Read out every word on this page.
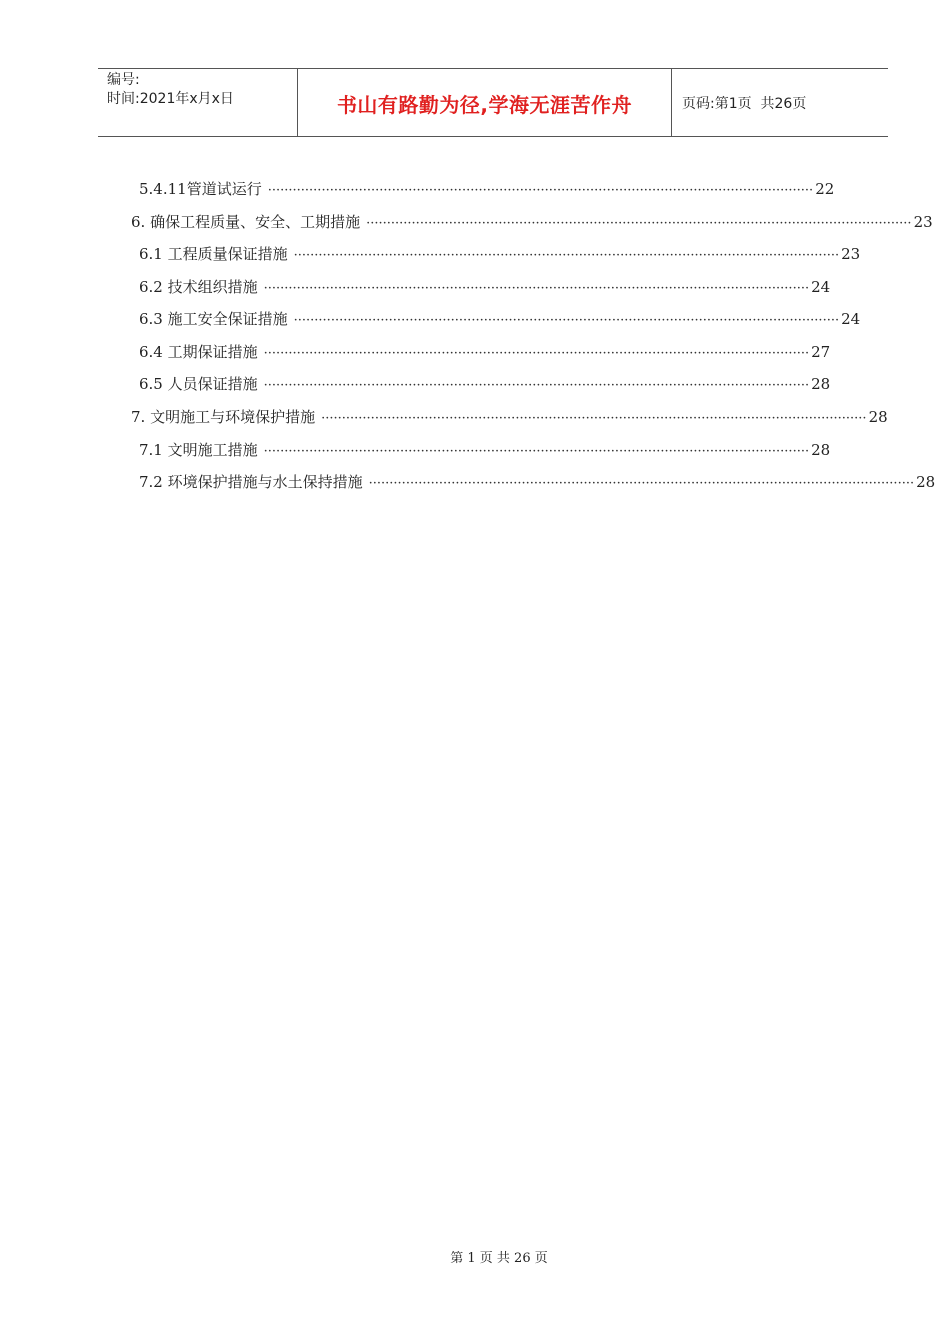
编号:
时间:2021年x月x日	书山有路勤为径,学海无涯苦作舟	页码:第1页  共26页
5.4.11管道试运行 ···································································································································· 22
6. 确保工程质量、安全、工期措施 ···································································································································· 23
6.1 工程质量保证措施 ···································································································································· 23
6.2 技术组织措施 ···································································································································· 24
6.3 施工安全保证措施 ···································································································································· 24
6.4 工期保证措施 ···································································································································· 27
6.5 人员保证措施 ···································································································································· 28
7. 文明施工与环境保护措施 ···································································································································· 28
7.1 文明施工措施 ···································································································································· 28
7.2 环境保护措施与水土保持措施 ···································································································································· 28
第 1 页 共 26 页
